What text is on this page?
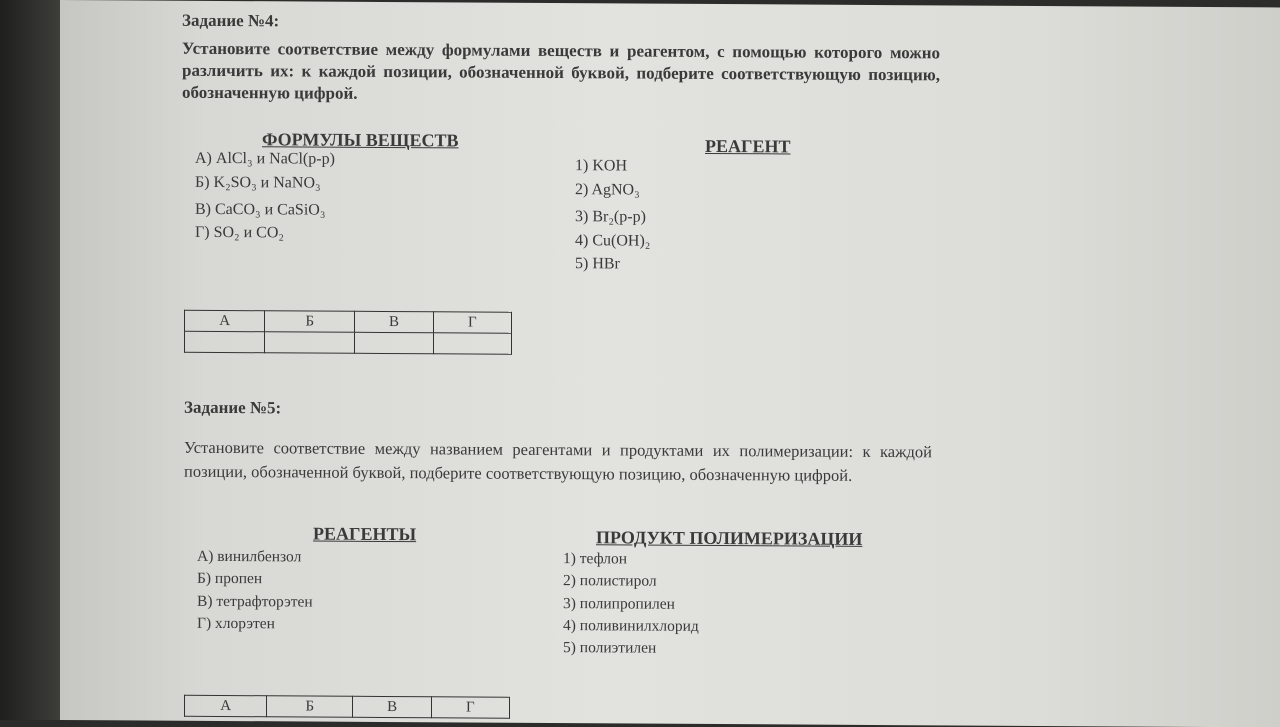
Задание №4:
Установите соответствие между формулами веществ и реагентом, с помощью которого можно различить их: к каждой позиции, обозначенной буквой, подберите соответствующую позицию, обозначенную цифрой.
ФОРМУЛЫ ВЕЩЕСТВ	РЕАГЕНТ
А) AlCl₃ и NaCl(р-р)
Б) K₂SO₃ и NaNO₃
В) CaCO₃ и CaSiO₃
Г) SO₂ и CO₂
1) KOH
2) AgNO₃
3) Br₂(р-р)
4) Cu(OH)₂
5) HBr
А	Б	В	Г

Задание №5:
Установите соответствие между названием реагентами и продуктами их полимеризации: к каждой позиции, обозначенной буквой, подберите соответствующую позицию, обозначенную цифрой.
РЕАГЕНТЫ	ПРОДУКТ ПОЛИМЕРИЗАЦИИ
А) винилбензол
Б) пропен
В) тетрафторэтен
Г) хлорэтен
1) тефлон
2) полистирол
3) полипропилен
4) поливинилхлорид
5) полиэтилен
А	Б	В	Г
